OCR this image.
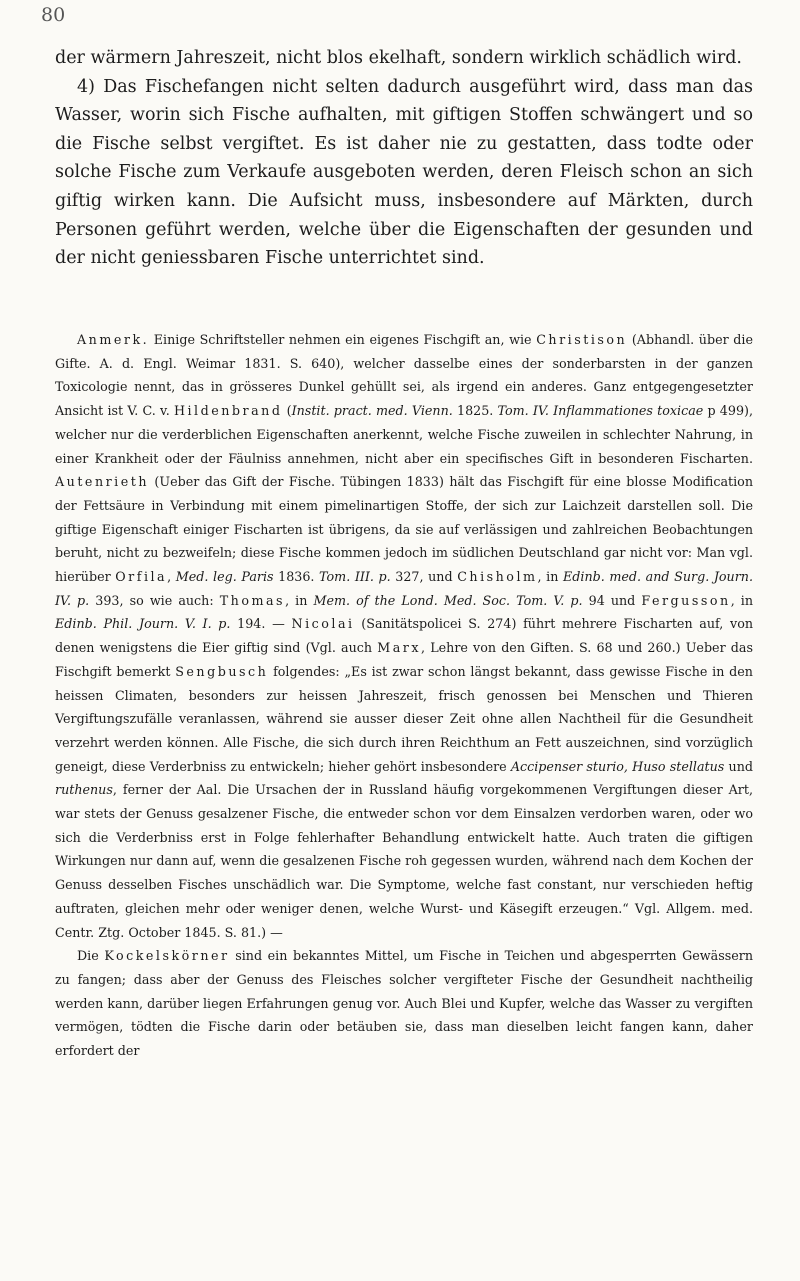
80

der wärmern Jahreszeit, nicht blos ekelhaft, sondern wirklich schädlich wird.

4) Das Fischefangen nicht selten dadurch ausgeführt wird, dass man das Wasser, worin sich Fische aufhalten, mit giftigen Stoffen schwängert und so die Fische selbst vergiftet. Es ist daher nie zu gestatten, dass todte oder solche Fische zum Verkaufe ausgeboten werden, deren Fleisch schon an sich giftig wirken kann. Die Aufsicht muss, insbesondere auf Märkten, durch Personen geführt werden, welche über die Eigenschaften der gesunden und der nicht geniessbaren Fische unterrichtet sind.

Anmerk. Einige Schriftsteller nehmen ein eigenes Fischgift an, wie Christison (Abhandl. über die Gifte. A. d. Engl. Weimar 1831. S. 640), welcher dasselbe eines der sonderbarsten in der ganzen Toxicologie nennt, das in grösseres Dunkel gehüllt sei, als irgend ein anderes. Ganz entgegengesetzter Ansicht ist V. C. v. Hildenbrand (Instit. pract. med. Vienn. 1825. Tom. IV. Inflammationes toxicae p 499), welcher nur die verderblichen Eigenschaften anerkennt, welche Fische zuweilen in schlechter Nahrung, in einer Krankheit oder der Fäulniss annehmen, nicht aber ein specifisches Gift in besonderen Fischarten. Autenrieth (Ueber das Gift der Fische. Tübingen 1833) hält das Fischgift für eine blosse Modification der Fettsäure in Verbindung mit einem pimelinartigen Stoffe, der sich zur Laichzeit darstellen soll. Die giftige Eigenschaft einiger Fischarten ist übrigens, da sie auf verlässigen und zahlreichen Beobachtungen beruht, nicht zu bezweifeln; diese Fische kommen jedoch im südlichen Deutschland gar nicht vor: Man vgl. hierüber Orfila, Med. leg. Paris 1836. Tom. III. p. 327, und Chisholm, in Edinb. med. and Surg. Journ. IV. p. 393, so wie auch: Thomas, in Mem. of the Lond. Med. Soc. Tom. V. p. 94 und Fergusson, in Edinb. Phil. Journ. V. I. p. 194. — Nicolai (Sanitätspolicei S. 274) führt mehrere Fischarten auf, von denen wenigstens die Eier giftig sind (Vgl. auch Marx, Lehre von den Giften. S. 68 und 260.) Ueber das Fischgift bemerkt Sengbusch folgendes: „Es ist zwar schon längst bekannt, dass gewisse Fische in den heissen Climaten, besonders zur heissen Jahreszeit, frisch genossen bei Menschen und Thieren Vergiftungszufälle veranlassen, während sie ausser dieser Zeit ohne allen Nachtheil für die Gesundheit verzehrt werden können. Alle Fische, die sich durch ihren Reichthum an Fett auszeichnen, sind vorzüglich geneigt, diese Verderbniss zu entwickeln; hieher gehört insbesondere Accipenser sturio, Huso stellatus und ruthenus, ferner der Aal. Die Ursachen der in Russland häufig vorgekommenen Vergiftungen dieser Art, war stets der Genuss gesalzener Fische, die entweder schon vor dem Einsalzen verdorben waren, oder wo sich die Verderbniss erst in Folge fehlerhafter Behandlung entwickelt hatte. Auch traten die giftigen Wirkungen nur dann auf, wenn die gesalzenen Fische roh gegessen wurden, während nach dem Kochen der Genuss desselben Fisches unschädlich war. Die Symptome, welche fast constant, nur verschieden heftig auftraten, gleichen mehr oder weniger denen, welche Wurst- und Käsegift erzeugen.“ Vgl. Allgem. med. Centr. Ztg. October 1845. S. 81.) —

Die Kockelskörner sind ein bekanntes Mittel, um Fische in Teichen und abgesperrten Gewässern zu fangen; dass aber der Genuss des Fleisches solcher vergifteter Fische der Gesundheit nachtheilig werden kann, darüber liegen Erfahrungen genug vor. Auch Blei und Kupfer, welche das Wasser zu vergiften vermögen, tödten die Fische darin oder betäuben sie, dass man dieselben leicht fangen kann, daher erfordert der
